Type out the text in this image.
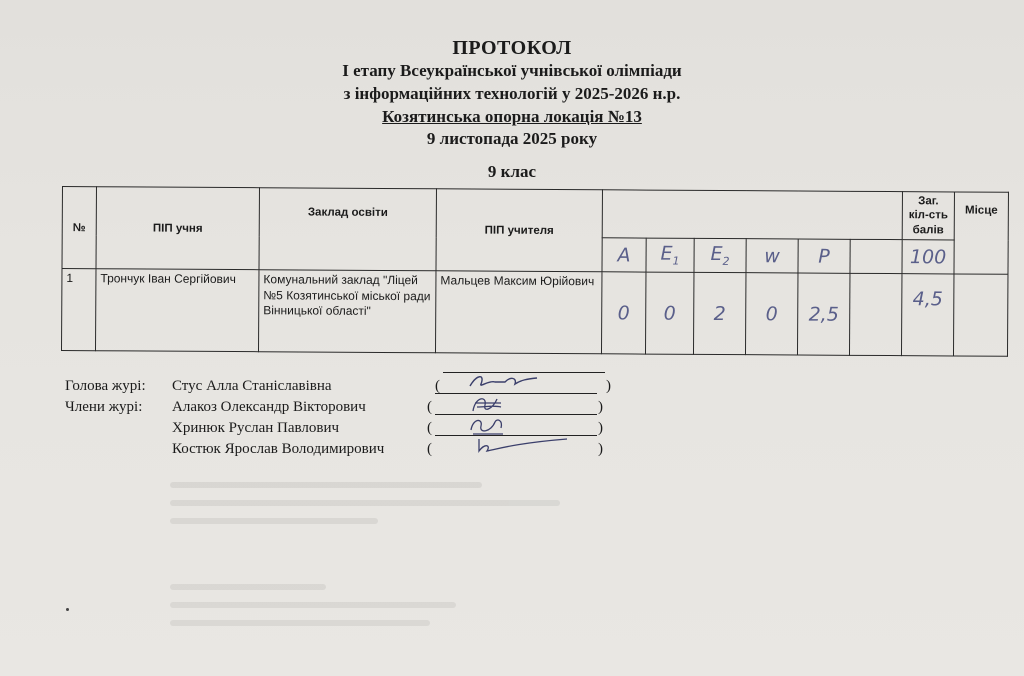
ПРОТОКОЛ
І етапу Всеукраїнської учнівської олімпіади
з інформаційних технологій у 2025-2026 н.р.
Козятинська опорна локація №13
9 листопада 2025 року
9 клас
№	ПІП учня	Заклад освіти	ПІП учителя							Заг. кіл-сть балів	Місце
				A	$E_1$	$E_2$	w	P		100	
1	Трончук Іван Сергійович	Комунальний заклад "Ліцей №5 Козятинської міської ради Вінницької області"	Мальцев Максим Юрійович	0	0	2	0	2,5		4,5	
Голова журі: Стус Алла Станіславівна	(	)
Члени журі: Алакоз Олександр Вікторович	(	)
Хринюк Руслан Павлович	(	)
Костюк Ярослав Володимирович	(	)
